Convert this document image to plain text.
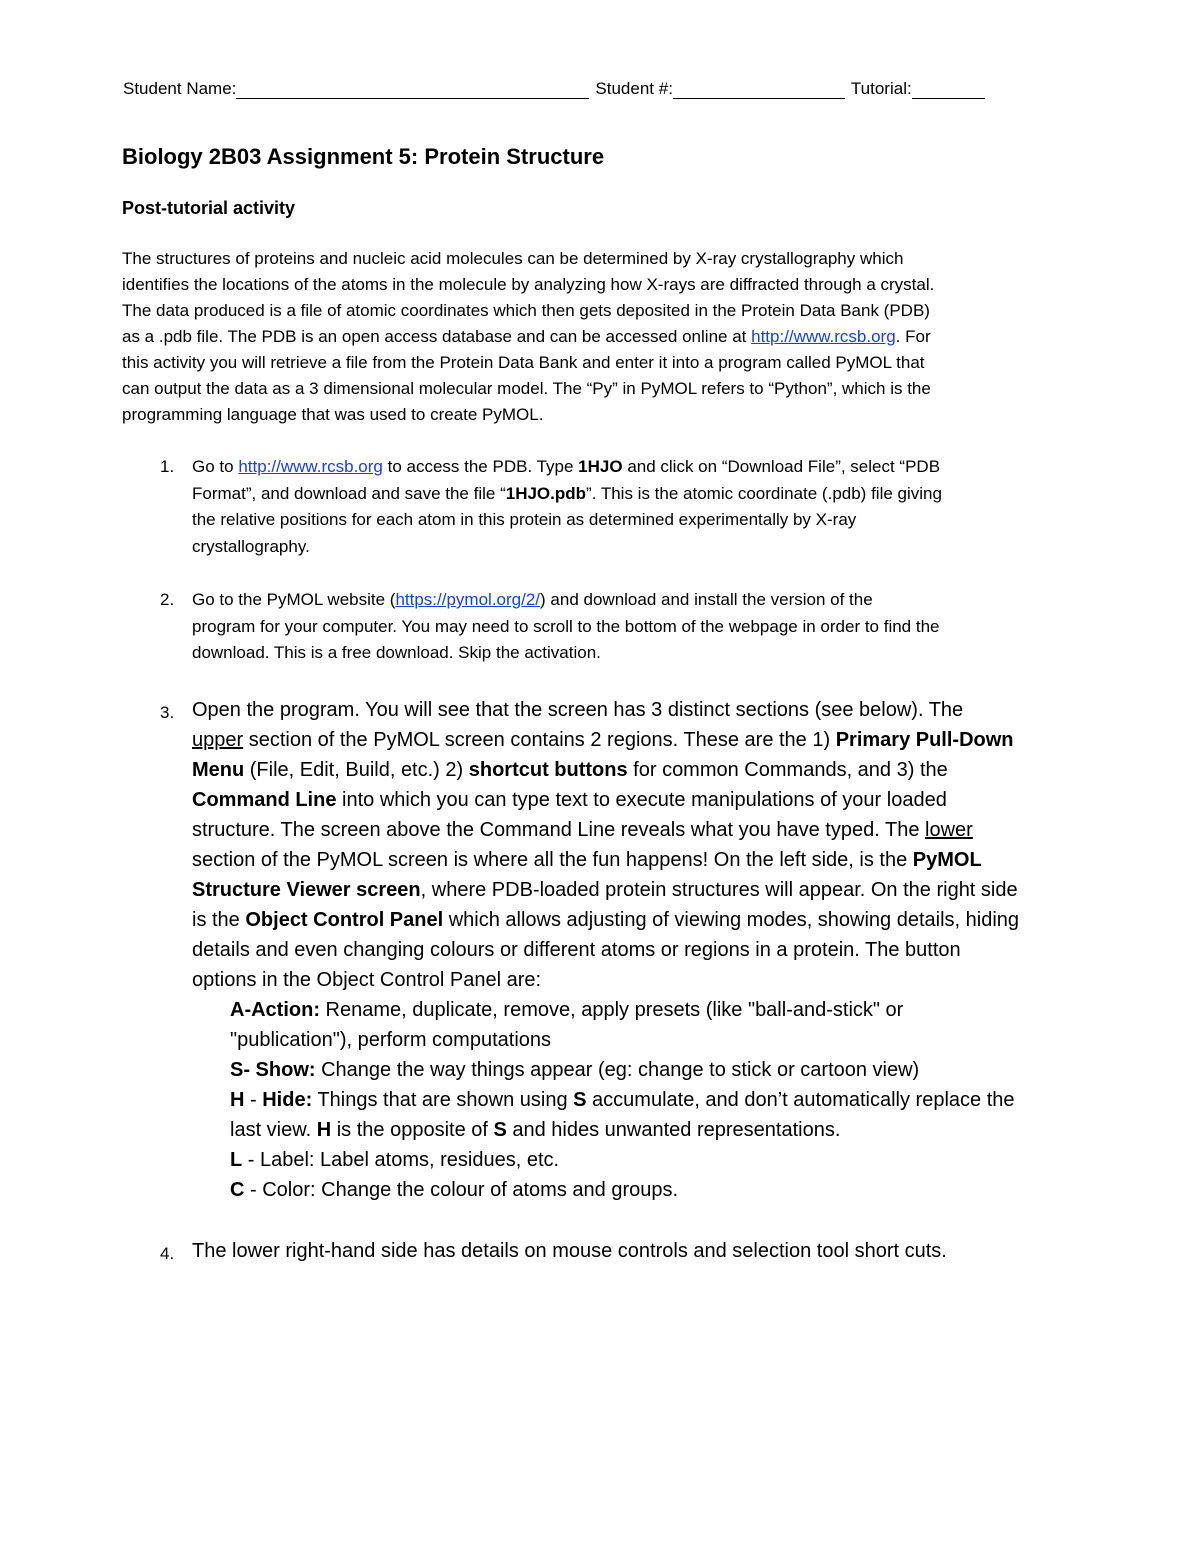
Student Name:	Student #:	Tutorial:
Biology 2B03 Assignment 5: Protein Structure
Post-tutorial activity
The structures of proteins and nucleic acid molecules can be determined by X-ray crystallography which
identifies the locations of the atoms in the molecule by analyzing how X-rays are diffracted through a crystal.
The data produced is a file of atomic coordinates which then gets deposited in the Protein Data Bank (PDB)
as a .pdb file. The PDB is an open access database and can be accessed online at http://www.rcsb.org. For
this activity you will retrieve a file from the Protein Data Bank and enter it into a program called PyMOL that
can output the data as a 3 dimensional molecular model. The “Py” in PyMOL refers to “Python”, which is the
programming language that was used to create PyMOL.
1. Go to http://www.rcsb.org to access the PDB. Type 1HJO and click on “Download File”, select “PDB
Format”, and download and save the file “1HJO.pdb”. This is the atomic coordinate (.pdb) file giving
the relative positions for each atom in this protein as determined experimentally by X-ray
crystallography.
2. Go to the PyMOL website (https://pymol.org/2/) and download and install the version of the
program for your computer. You may need to scroll to the bottom of the webpage in order to find the
download. This is a free download. Skip the activation.
3. Open the program. You will see that the screen has 3 distinct sections (see below). The
upper section of the PyMOL screen contains 2 regions. These are the 1) Primary Pull-Down
Menu (File, Edit, Build, etc.) 2) shortcut buttons for common Commands, and 3) the
Command Line into which you can type text to execute manipulations of your loaded
structure. The screen above the Command Line reveals what you have typed. The lower
section of the PyMOL screen is where all the fun happens! On the left side, is the PyMOL
Structure Viewer screen, where PDB-loaded protein structures will appear. On the right side
is the Object Control Panel which allows adjusting of viewing modes, showing details, hiding
details and even changing colours or different atoms or regions in a protein. The button
options in the Object Control Panel are:
A-Action: Rename, duplicate, remove, apply presets (like "ball-and-stick" or
"publication"), perform computations
S- Show: Change the way things appear (eg: change to stick or cartoon view)
H - Hide: Things that are shown using S accumulate, and don’t automatically replace the
last view. H is the opposite of S and hides unwanted representations.
L - Label: Label atoms, residues, etc.
C - Color: Change the colour of atoms and groups.
4. The lower right-hand side has details on mouse controls and selection tool short cuts.
